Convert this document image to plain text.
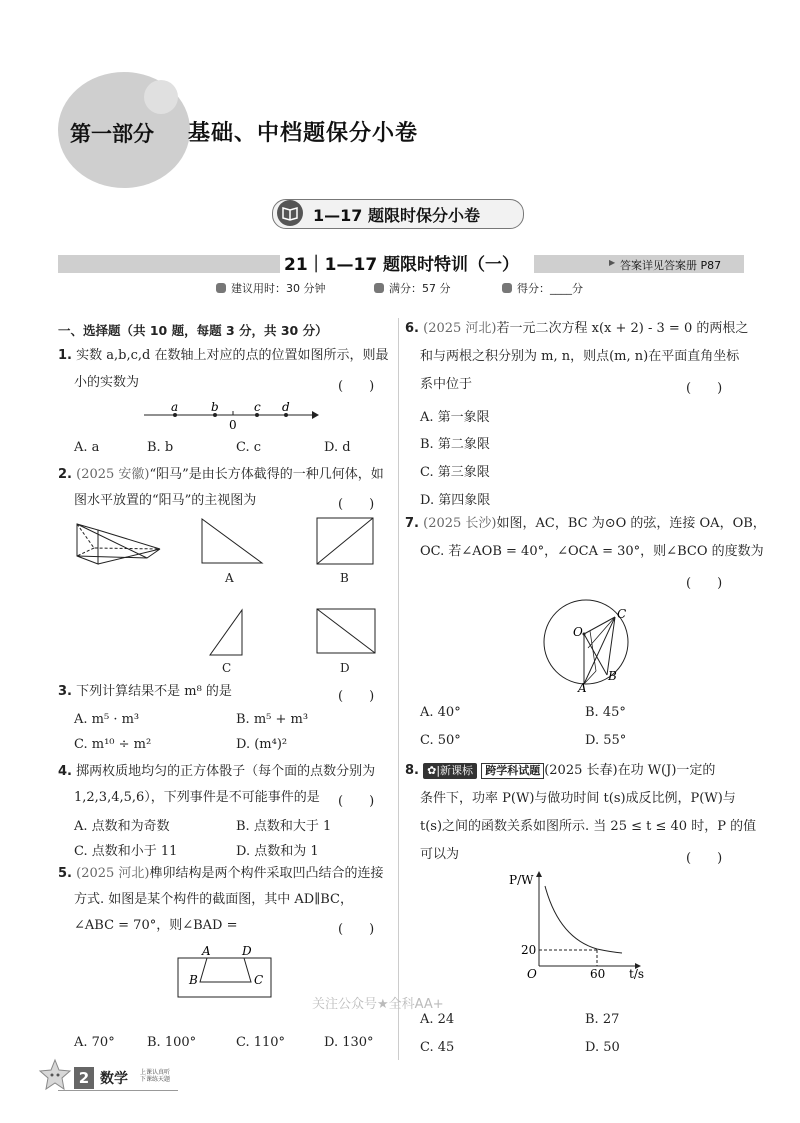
第一部分 基础、中档题保分小卷
1—17 题限时保分小卷
21｜1—17 题限时特训（一）	▶ 答案详见答案册 P87
建议用时：30 分钟	满分：57 分	得分：____分
一、选择题（共 10 题，每题 3 分，共 30 分）
1. 实数 a,b,c,d 在数轴上对应的点的位置如图所示，则最
小的实数为	(　　)
a	b
0
c d
A. a	B. b	C. c	D. d
2. (2025 安徽)“阳马”是由长方体截得的一种几何体，如
图水平放置的“阳马”的主视图为	(　　)
A	B
C	D
3. 下列计算结果不是 m⁸ 的是	(　　)
A. m⁵ · m³	B. m⁵ + m³
C. m¹⁰ ÷ m²	D. (m⁴)²
4. 掷两枚质地均匀的正方体骰子（每个面的点数分别为
1,2,3,4,5,6），下列事件是不可能事件的是 (　　)
A. 点数和为奇数	B. 点数和大于 1
C. 点数和小于 11	D. 点数和为 1
5. (2025 河北)榫卯结构是两个构件采取凹凸结合的连接
方式. 如图是某个构件的截面图，其中 AD∥BC，
∠ABC = 70°，则∠BAD =	(　　)
A	D
B	C
A. 70° B. 100°	C. 110°	D. 130°
6. (2025 河北)若一元二次方程 x(x + 2) - 3 = 0 的两根之
和与两根之积分别为 m, n，则点(m, n)在平面直角坐标
系中位于	(　　)
A. 第一象限
B. 第二象限
C. 第三象限
D. 第四象限
7. (2025 长沙)如图，AC，BC 为⊙O 的弦，连接 OA，OB，
OC. 若∠AOB = 40°，∠OCA = 30°，则∠BCO 的度数为
(　　)
O
C
B
A
A. 40°	B. 45°
C. 50°	D. 55°
8. ✿|新课标 跨学科试题 (2025 长春)在功 W(J)一定的
条件下，功率 P(W)与做功时间 t(s)成反比例，P(W)与
t(s)之间的函数关系如图所示. 当 25 ≤ t ≤ 40 时，P 的值
可以为	(　　)
P/W
t/s
O
20
60
A. 24	B. 27
C. 45	D. 50
关注公众号★全科AA+
2 数学 上课认真听
下课练天题
